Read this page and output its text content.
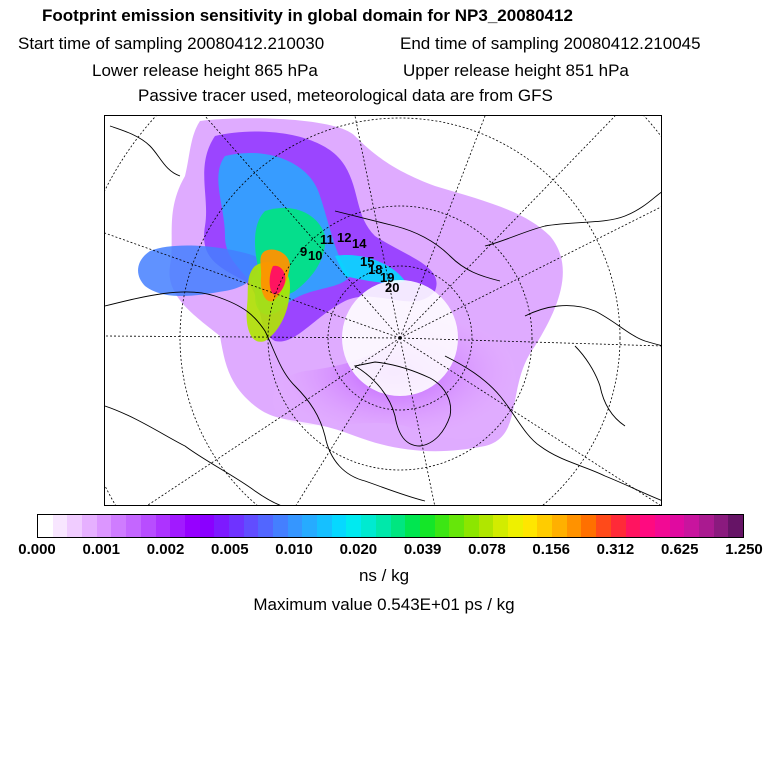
Footprint emission sensitivity in global domain for NP3_20080412
Start time of sampling 20080412.210030	End time of sampling 20080412.210045
Lower release height 865 hPa	Upper release height 851 hPa
Passive tracer used, meteorological data are from GFS
9 10
11 12 14
15
18
19
20
0.000 0.001 0.002 0.005 0.010 0.020 0.039 0.078 0.156 0.312 0.625 1.250
ns / kg
Maximum value 0.543E+01 ps / kg
